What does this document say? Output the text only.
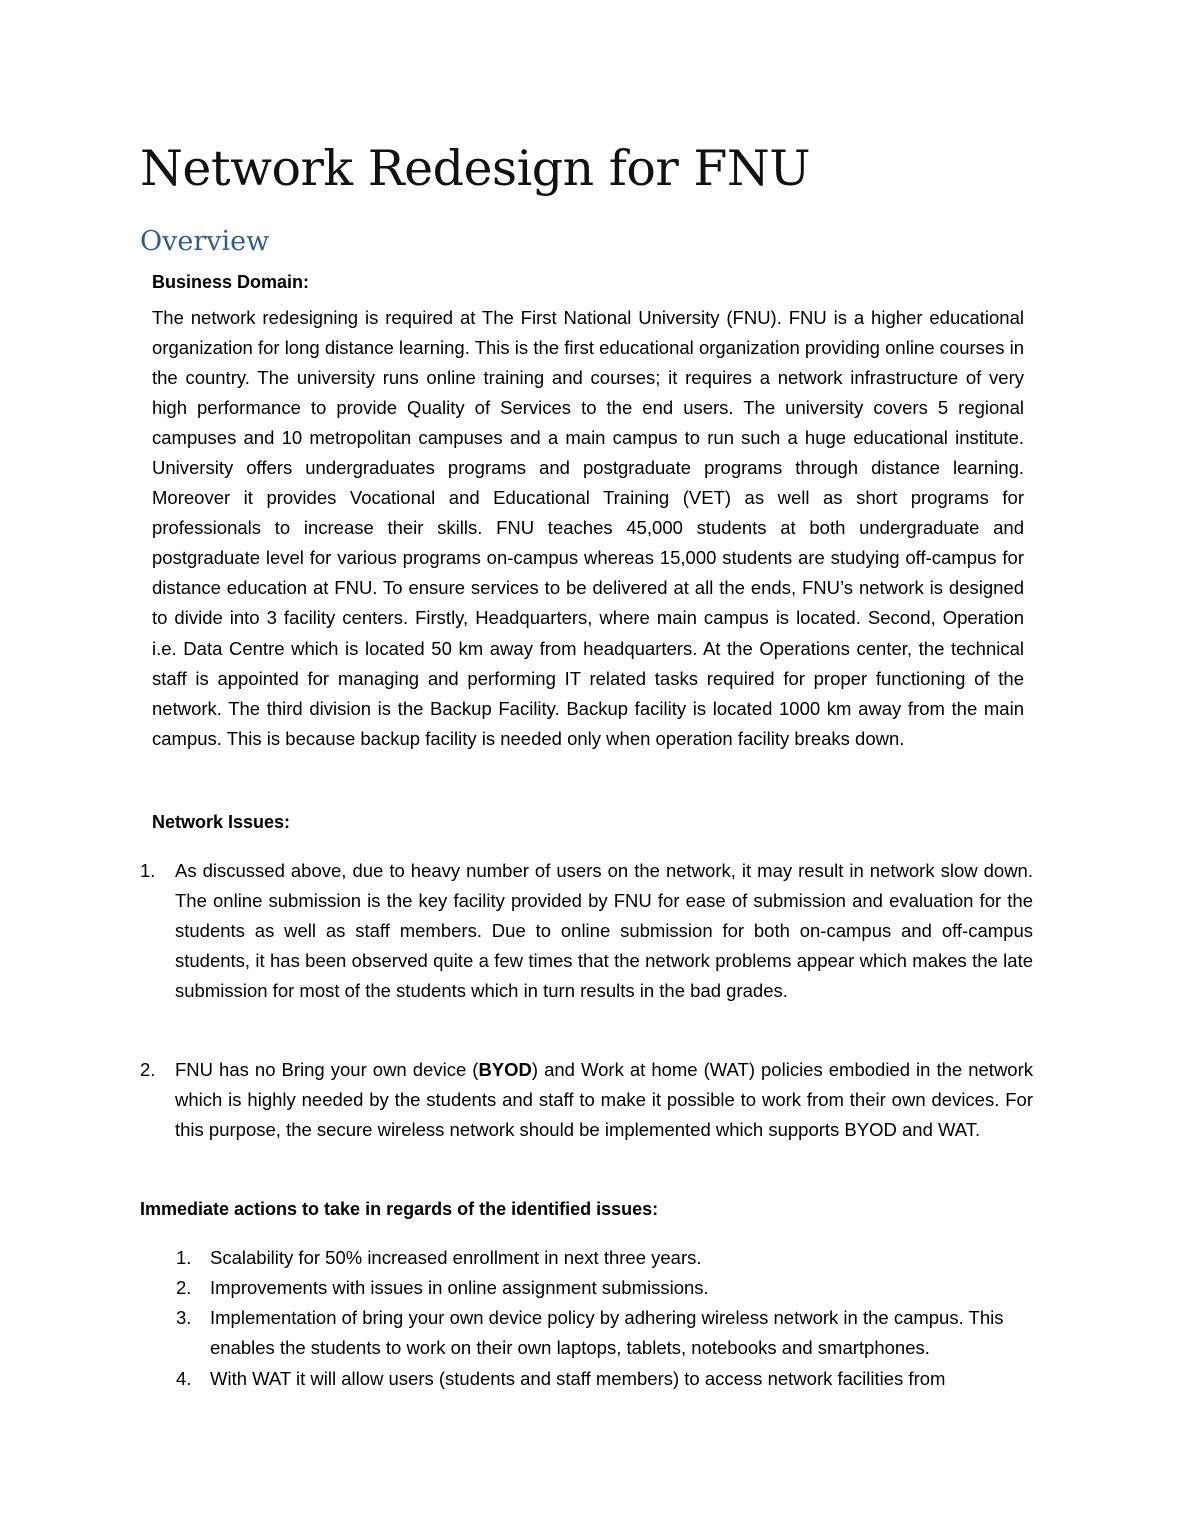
Network Redesign for FNU
Overview

Business Domain:

The network redesigning is required at The First National University (FNU). FNU is a higher educational organization for long distance learning. This is the first educational organization providing online courses in the country. The university runs online training and courses; it requires a network infrastructure of very high performance to provide Quality of Services to the end users. The university covers 5 regional campuses and 10 metropolitan campuses and a main campus to run such a huge educational institute. University offers undergraduates programs and postgraduate programs through distance learning. Moreover it provides Vocational and Educational Training (VET) as well as short programs for professionals to increase their skills. FNU teaches 45,000 students at both undergraduate and postgraduate level for various programs on-campus whereas 15,000 students are studying off-campus for distance education at FNU. To ensure services to be delivered at all the ends, FNU’s network is designed to divide into 3 facility centers. Firstly, Headquarters, where main campus is located. Second, Operation i.e. Data Centre which is located 50 km away from headquarters. At the Operations center, the technical staff is appointed for managing and performing IT related tasks required for proper functioning of the network. The third division is the Backup Facility. Backup facility is located 1000 km away from the main campus. This is because backup facility is needed only when operation facility breaks down.

Network Issues:

1. As discussed above, due to heavy number of users on the network, it may result in network slow down. The online submission is the key facility provided by FNU for ease of submission and evaluation for the students as well as staff members. Due to online submission for both on-campus and off-campus students, it has been observed quite a few times that the network problems appear which makes the late submission for most of the students which in turn results in the bad grades.
2. FNU has no Bring your own device (BYOD) and Work at home (WAT) policies embodied in the network which is highly needed by the students and staff to make it possible to work from their own devices. For this purpose, the secure wireless network should be implemented which supports BYOD and WAT.

Immediate actions to take in regards of the identified issues:

1. Scalability for 50% increased enrollment in next three years.
2. Improvements with issues in online assignment submissions.
3. Implementation of bring your own device policy by adhering wireless network in the campus. This enables the students to work on their own laptops, tablets, notebooks and smartphones.
4. With WAT it will allow users (students and staff members) to access network facilities from
